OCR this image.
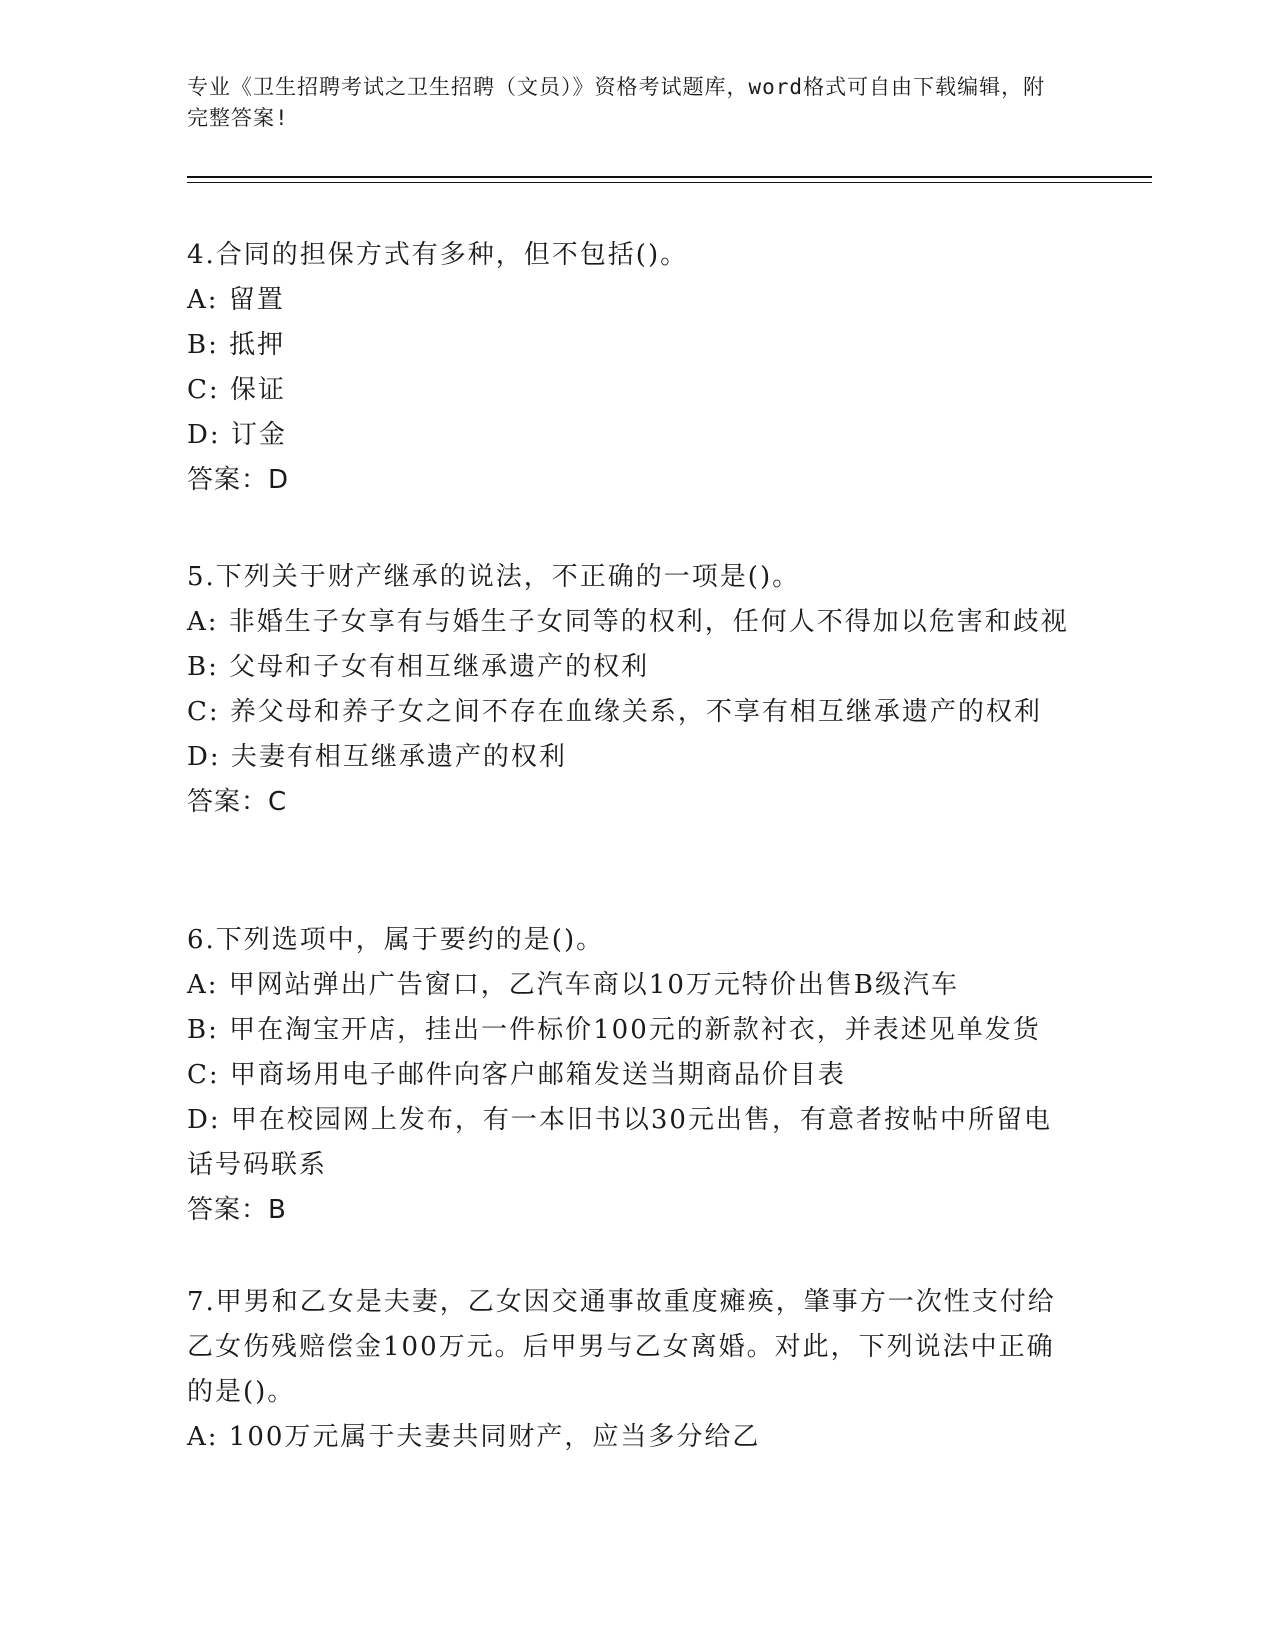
专业《卫生招聘考试之卫生招聘（文员）》资格考试题库，word格式可自由下载编辑，附完整答案!
4.合同的担保方式有多种，但不包括()。
A: 留置
B: 抵押
C: 保证
D: 订金
答案：D
5.下列关于财产继承的说法，不正确的一项是()。
A: 非婚生子女享有与婚生子女同等的权利，任何人不得加以危害和歧视
B: 父母和子女有相互继承遗产的权利
C: 养父母和养子女之间不存在血缘关系，不享有相互继承遗产的权利
D: 夫妻有相互继承遗产的权利
答案：C
6.下列选项中，属于要约的是()。
A: 甲网站弹出广告窗口，乙汽车商以10万元特价出售B级汽车
B: 甲在淘宝开店，挂出一件标价100元的新款衬衣，并表述见单发货
C: 甲商场用电子邮件向客户邮箱发送当期商品价目表
D: 甲在校园网上发布，有一本旧书以30元出售，有意者按帖中所留电话号码联系
答案：B
7.甲男和乙女是夫妻，乙女因交通事故重度瘫痪，肇事方一次性支付给乙女伤残赔偿金100万元。后甲男与乙女离婚。对此，下列说法中正确的是()。
A: 100万元属于夫妻共同财产，应当多分给乙
